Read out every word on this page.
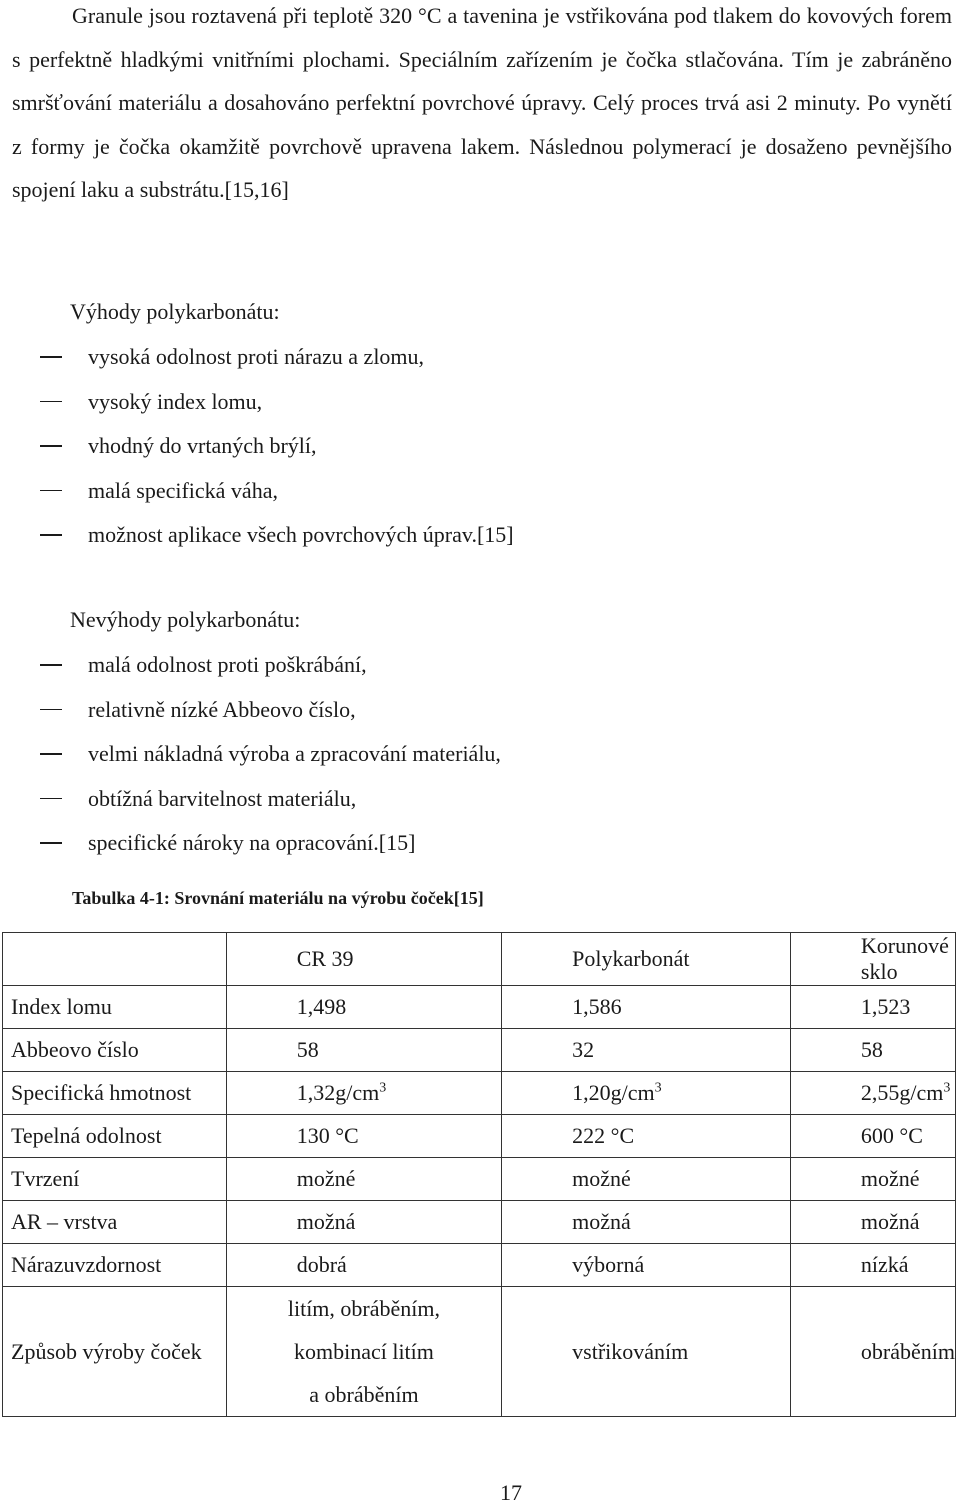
Granule jsou roztavená při teplotě 320 °C a tavenina je vstřikována pod tlakem do kovových forem s perfektně hladkými vnitřními plochami. Speciálním zařízením je čočka stlačována. Tím je zabráněno smršťování materiálu a dosahováno perfektní povrchové úpravy. Celý proces trvá asi 2 minuty. Po vynětí z formy je čočka okamžitě povrchově upravena lakem. Následnou polymerací je dosaženo pevnějšího spojení laku a substrátu.[15,16]
Výhody polykarbonátu:
vysoká odolnost proti nárazu a zlomu,
vysoký index lomu,
vhodný do vrtaných brýlí,
malá specifická váha,
možnost aplikace všech povrchových úprav.[15]
Nevýhody polykarbonátu:
malá odolnost proti poškrábání,
relativně nízké Abbeovo číslo,
velmi nákladná výroba a zpracování materiálu,
obtížná barvitelnost materiálu,
specifické nároky na opracování.[15]
Tabulka 4-1: Srovnání materiálu na výrobu čoček[15]
	CR 39	Polykarbonát	Korunové sklo
Index lomu	1,498	1,586	1,523
Abbeovo číslo	58	32	58
Specifická hmotnost	$1,32g/cm^3$	$1,20g/cm^3$	$2,55g/cm^3$
Tepelná odolnost	130 °C	222 °C	600 °C
Tvrzení	možné	možné	možné
AR – vrstva	možná	možná	možná
Nárazuvzdornost	dobrá	výborná	nízká
Způsob výroby čoček	litím, obráběním,
kombinací litím
a obráběním	vstřikováním	obráběním
17
